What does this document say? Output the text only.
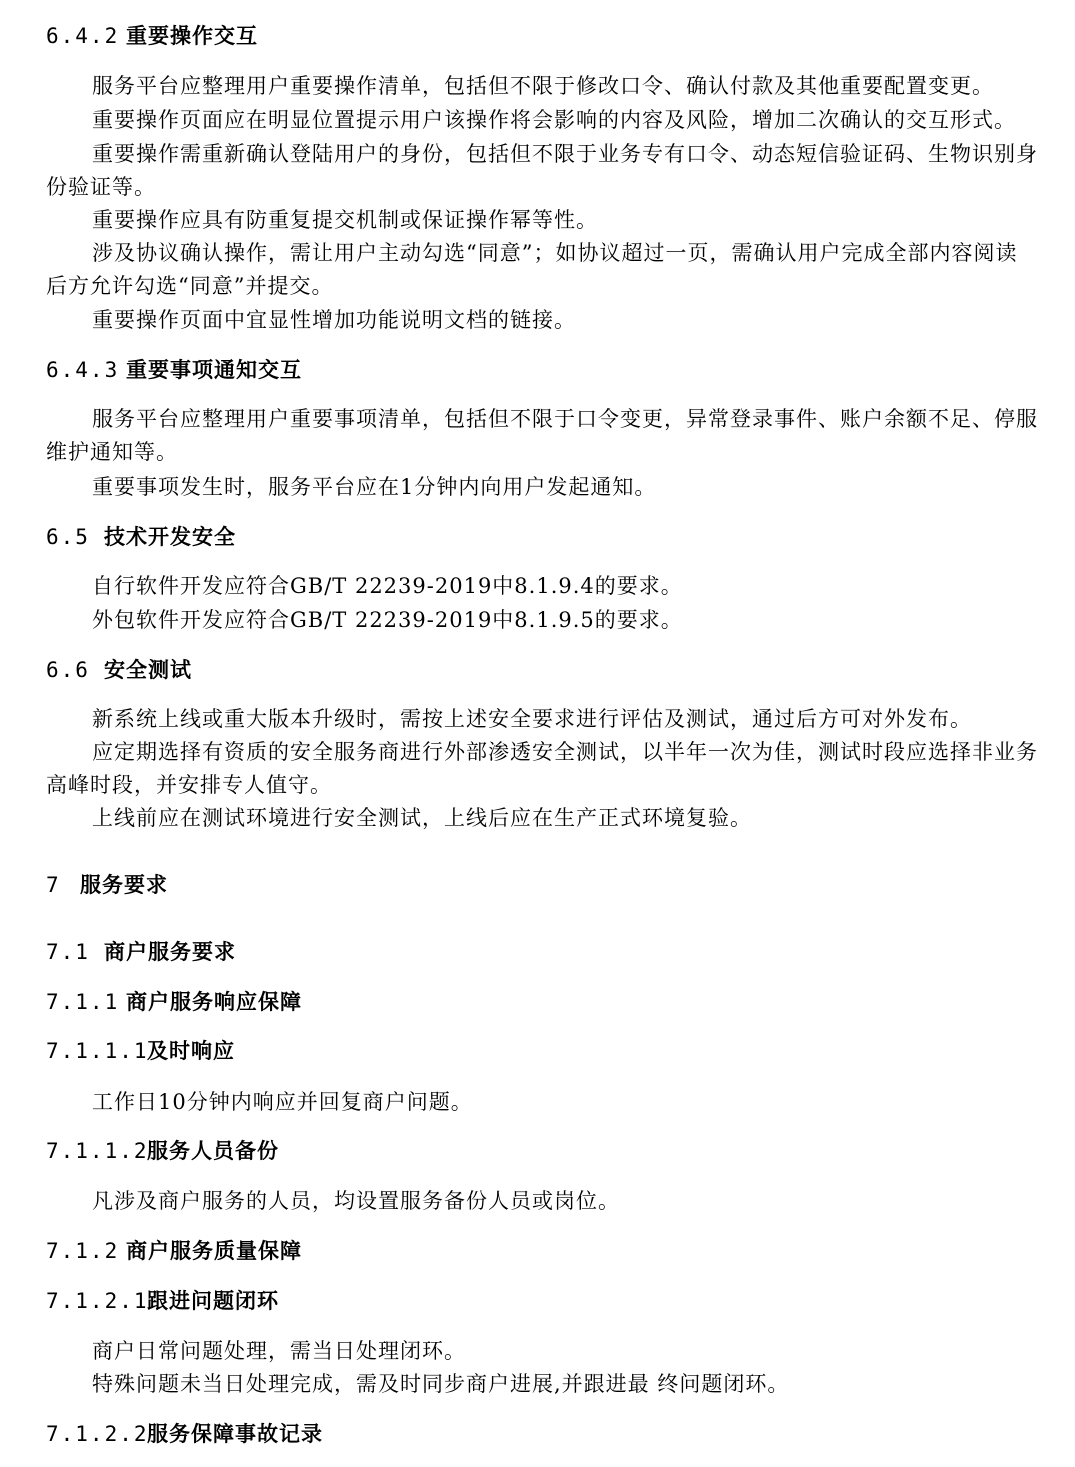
6.4.2 重要操作交互
服务平台应整理用户重要操作清单，包括但不限于修改口令、确认付款及其他重要配置变更。
重要操作页面应在明显位置提示用户该操作将会影响的内容及风险，增加二次确认的交互形式。
重要操作需重新确认登陆用户的身份，包括但不限于业务专有口令、动态短信验证码、生物识别身
份验证等。
重要操作应具有防重复提交机制或保证操作幂等性。
涉及协议确认操作，需让用户主动勾选“同意”；如协议超过一页，需确认用户完成全部内容阅读
后方允许勾选“同意”并提交。
重要操作页面中宜显性增加功能说明文档的链接。
6.4.3 重要事项通知交互
服务平台应整理用户重要事项清单，包括但不限于口令变更，异常登录事件、账户余额不足、停服
维护通知等。
重要事项发生时，服务平台应在1分钟内向用户发起通知。
6.5 技术开发安全
自行软件开发应符合GB/T 22239-2019中8.1.9.4的要求。
外包软件开发应符合GB/T 22239-2019中8.1.9.5的要求。
6.6 安全测试
新系统上线或重大版本升级时，需按上述安全要求进行评估及测试，通过后方可对外发布。
应定期选择有资质的安全服务商进行外部渗透安全测试，以半年一次为佳，测试时段应选择非业务
高峰时段，并安排专人值守。
上线前应在测试环境进行安全测试，上线后应在生产正式环境复验。
7 服务要求
7.1 商户服务要求
7.1.1 商户服务响应保障
7.1.1.1及时响应
工作日10分钟内响应并回复商户问题。
7.1.1.2服务人员备份
凡涉及商户服务的人员，均设置服务备份人员或岗位。
7.1.2 商户服务质量保障
7.1.2.1跟进问题闭环
商户日常问题处理，需当日处理闭环。
特殊问题未当日处理完成，需及时同步商户进展,并跟进最 终问题闭环。
7.1.2.2服务保障事故记录
